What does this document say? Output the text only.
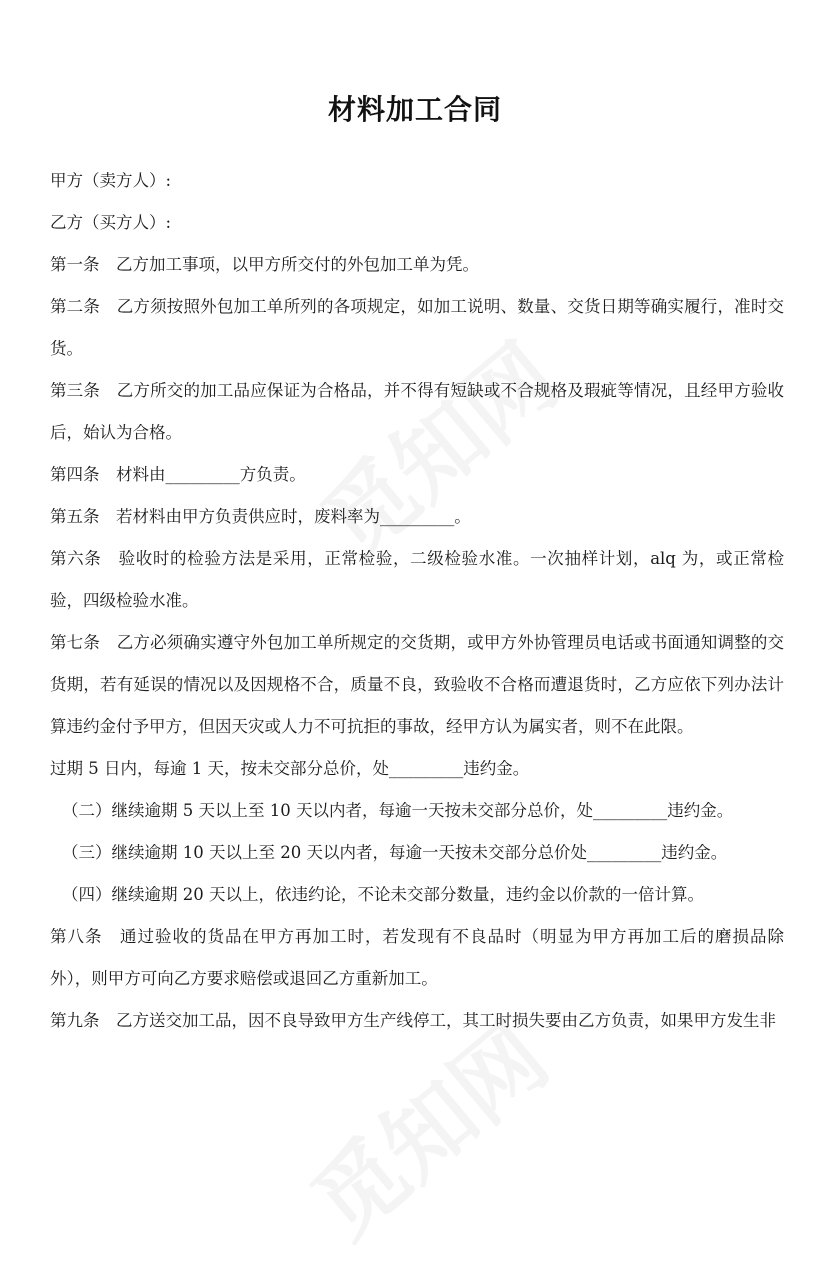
材料加工合同

甲方（卖方人）:

乙方（买方人）:

第一条　乙方加工事项，以甲方所交付的外包加工单为凭。

第二条　乙方须按照外包加工单所列的各项规定，如加工说明、数量、交货日期等确实履行，准时交货。

第三条　乙方所交的加工品应保证为合格品，并不得有短缺或不合规格及瑕疵等情况，且经甲方验收后，始认为合格。

第四条　材料由_________方负责。

第五条　若材料由甲方负责供应时，废料率为_________。

第六条　验收时的检验方法是采用，正常检验，二级检验水准。一次抽样计划，alq 为，或正常检验，四级检验水准。

第七条　乙方必须确实遵守外包加工单所规定的交货期，或甲方外协管理员电话或书面通知调整的交货期，若有延误的情况以及因规格不合，质量不良，致验收不合格而遭退货时，乙方应依下列办法计算违约金付予甲方，但因天灾或人力不可抗拒的事故，经甲方认为属实者，则不在此限。

过期 5 日内，每逾 1 天，按未交部分总价，处_________违约金。

（二）继续逾期 5 天以上至 10 天以内者，每逾一天按未交部分总价，处_________违约金。

（三）继续逾期 10 天以上至 20 天以内者，每逾一天按未交部分总价处_________违约金。

（四）继续逾期 20 天以上，依违约论，不论未交部分数量，违约金以价款的一倍计算。

第八条　通过验收的货品在甲方再加工时，若发现有不良品时（明显为甲方再加工后的磨损品除外），则甲方可向乙方要求赔偿或退回乙方重新加工。

第九条　乙方送交加工品，因不良导致甲方生产线停工，其工时损失要由乙方负责，如果甲方发生非
